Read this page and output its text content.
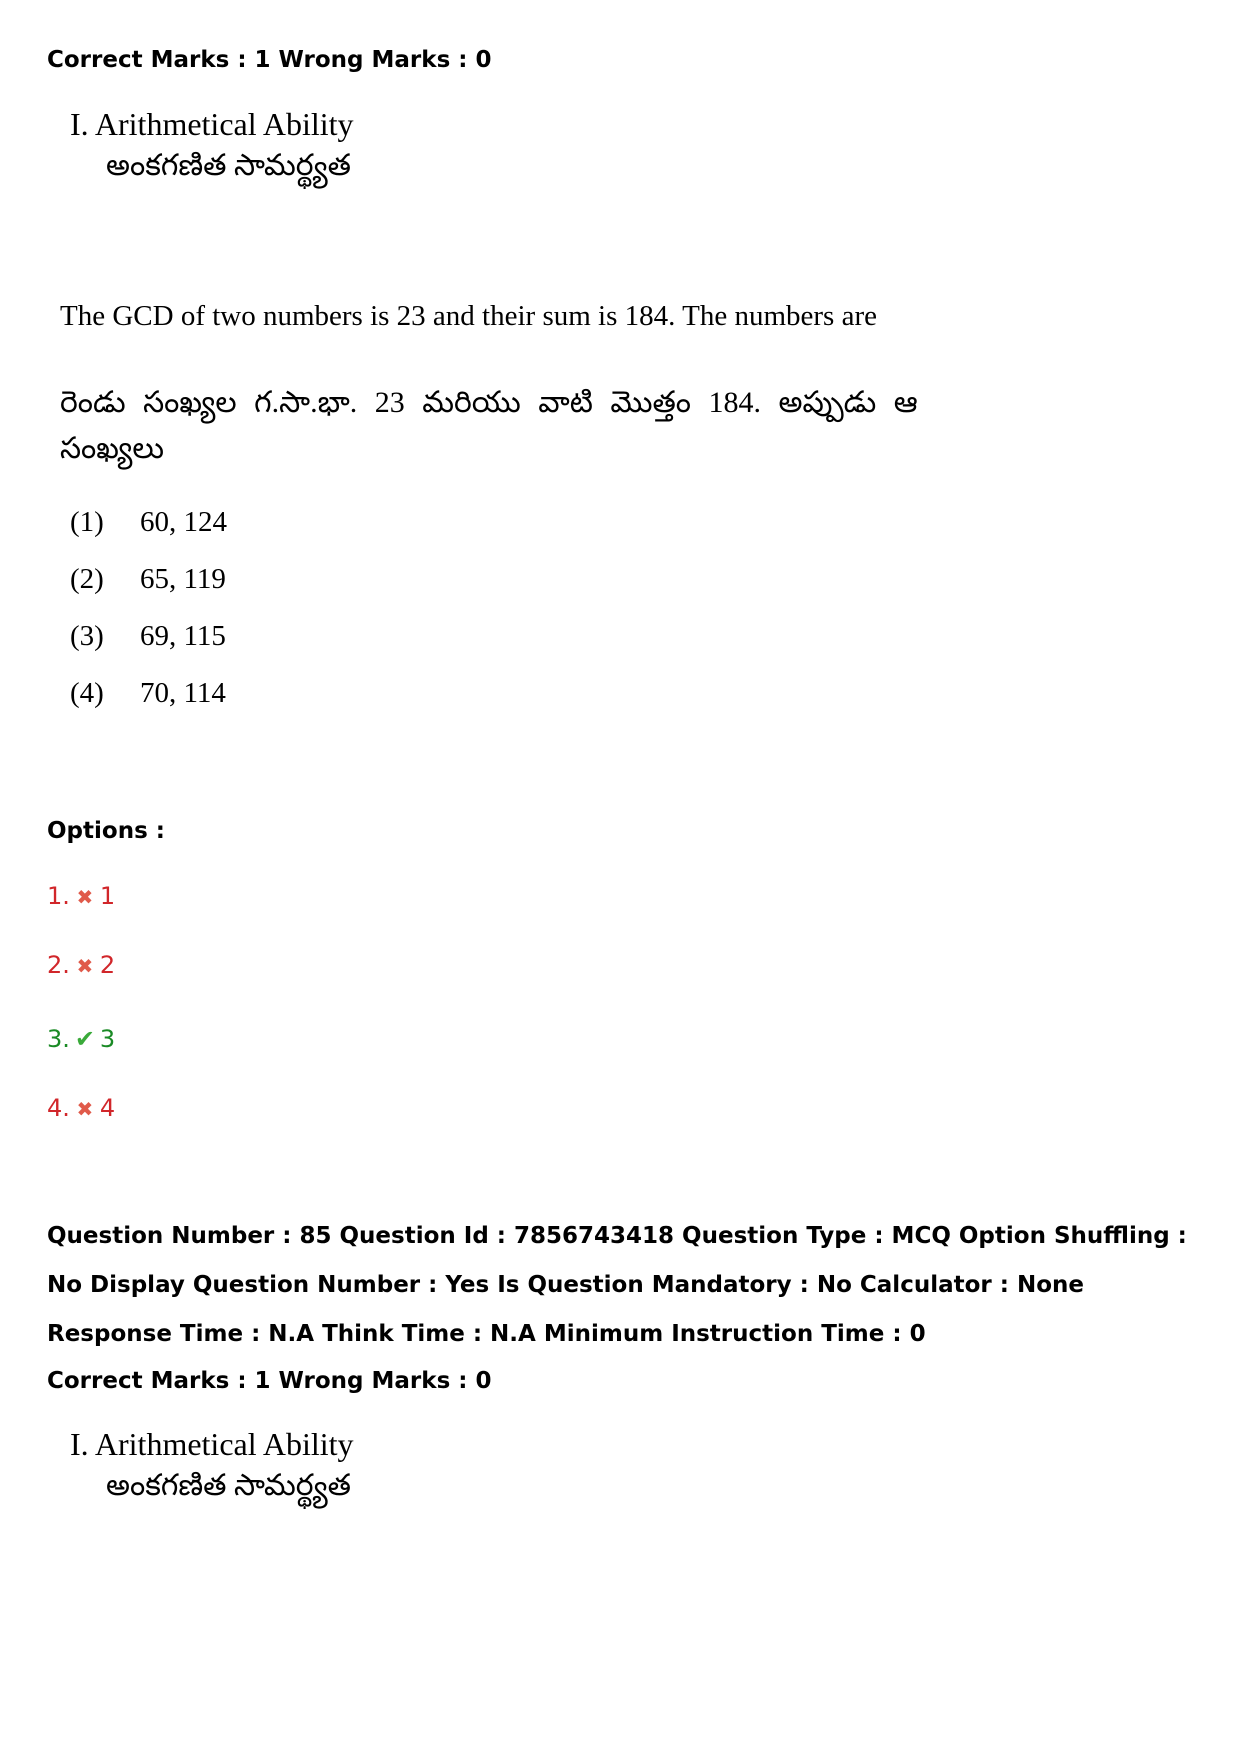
Correct Marks : 1 Wrong Marks : 0
I. Arithmetical Ability
అంకగణిత సామర్థ్యత
The GCD of two numbers is 23 and their sum is 184. The numbers are
రెండు సంఖ్యల గ.సా.భా. 23 మరియు వాటి మొత్తం 184. అప్పుడు ఆ సంఖ్యలు
(1) 60, 124
(2) 65, 119
(3) 69, 115
(4) 70, 114
Options :
1. ✖ 1
2. ✖ 2
3. ✔ 3
4. ✖ 4
Question Number : 85 Question Id : 7856743418 Question Type : MCQ Option Shuffling : No Display Question Number : Yes Is Question Mandatory : No Calculator : None Response Time : N.A Think Time : N.A Minimum Instruction Time : 0
Correct Marks : 1 Wrong Marks : 0
I. Arithmetical Ability
అంకగణిత సామర్థ్యత
